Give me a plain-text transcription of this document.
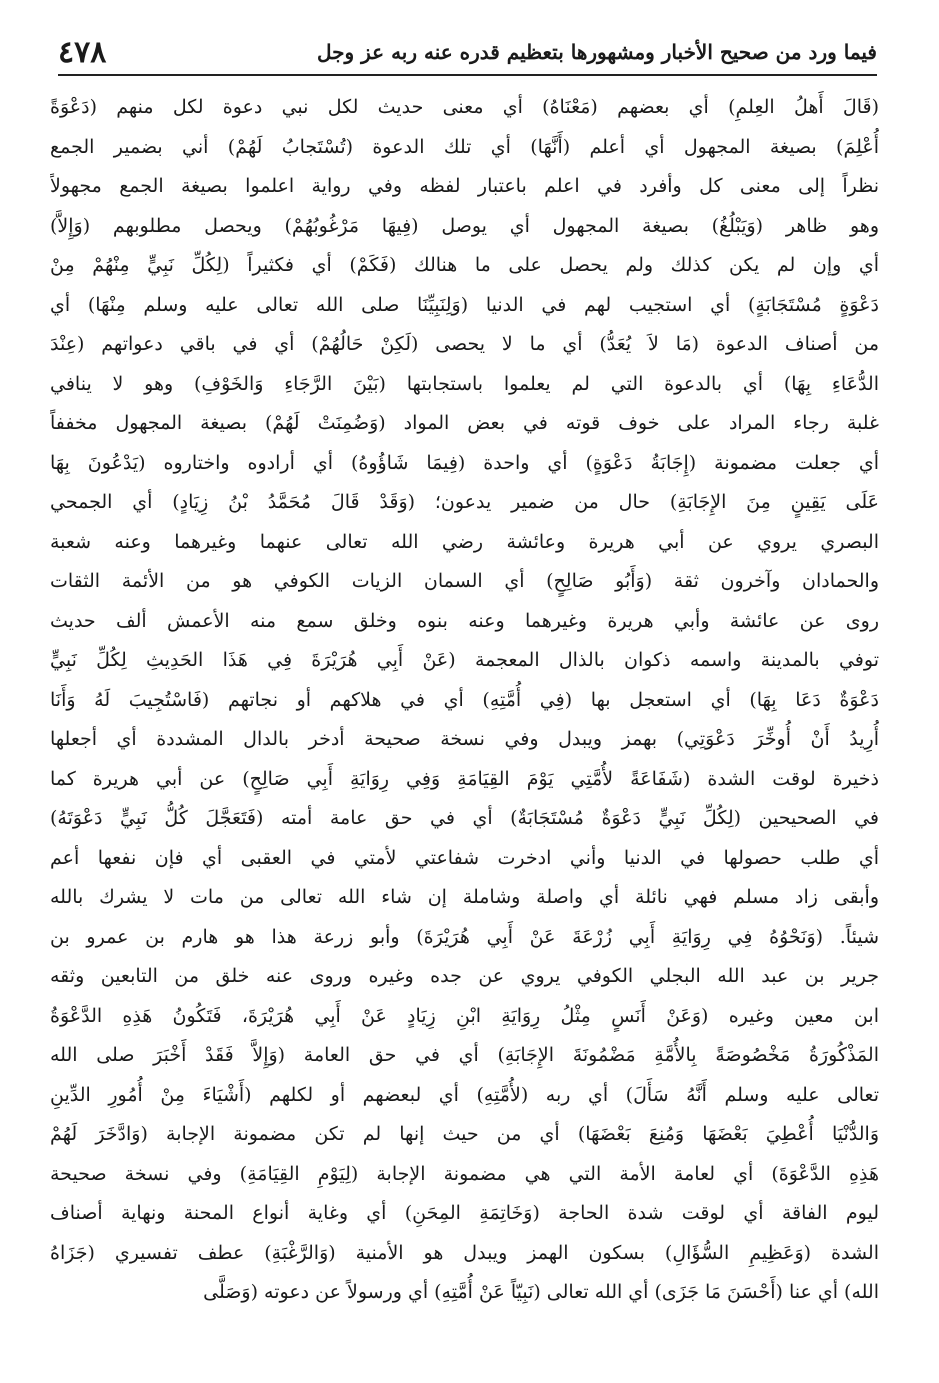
فيما ورد من صحيح الأخبار ومشهورها بتعظيم قدره عنه ربه عز وجل
٤٧٨
(قَالَ أَهلُ العِلمِ) أي بعضهم (مَعْنَاهُ) أي معنى حديث لكل نبي دعوة لكل منهم (دَعْوَةً
أُعْلِمَ) بصيغة المجهول أي أعلم (أَنَّهَا) أي تلك الدعوة (تُسْتَجابُ لَهُمْ) أني بضمير الجمع
نظراً إلى معنى كل وأفرد في اعلم باعتبار لفظه وفي رواية اعلموا بصيغة الجمع مجهولاً
وهو ظاهر (وَيَبْلُغُ) بصيغة المجهول أي يوصل (فِيهَا مَرْغُوبُهُمْ) ويحصل مطلوبهم (وَإِلاَّ)
أي وإن لم يكن كذلك ولم يحصل على ما هنالك (فَكَمْ) أي فكثيراً (لِكُلِّ نَبِيٍّ مِنْهُمْ مِنْ
دَعْوَةٍ مُسْتَجَابَةٍ) أي استجيب لهم في الدنيا (وَلِنَبِيِّنَا صلى الله تعالى عليه وسلم مِنْهَا) أي
من أصناف الدعوة (مَا لاَ يُعَدُّ) أي ما لا يحصى (لَكِنْ حَالُهُمْ) أي في باقي دعواتهم (عِنْدَ
الدُّعَاءِ بِهَا) أي بالدعوة التي لم يعلموا باستجابتها (بَيْنَ الرَّجَاءِ وَالخَوْفِ) وهو لا ينافي
غلبة رجاء المراد على خوف قوته في بعض المواد (وَضُمِنَتْ لَهُمْ) بصيغة المجهول مخففاً
أي جعلت مضمونة (إِجَابَةُ دَعْوَةٍ) أي واحدة (فِيمَا شَاؤُوهُ) أي أرادوه واختاروه (يَدْعُونَ بِهَا
عَلَى يَقِينٍ مِنَ الإِجَابَةِ) حال من ضمير يدعون؛ (وَقَدْ قَالَ مُحَمَّدُ بْنُ زِيَادٍ) أي الجمحي
البصري يروي عن أبي هريرة وعائشة رضي الله تعالى عنهما وغيرهما وعنه شعبة
والحمادان وآخرون ثقة (وَأَبُو صَالِحٍ) أي السمان الزيات الكوفي هو من الأئمة الثقات
روى عن عائشة وأبي هريرة وغيرهما وعنه بنوه وخلق سمع منه الأعمش ألف حديث
توفي بالمدينة واسمه ذكوان بالذال المعجمة (عَنْ أَبِي هُرَيْرَةَ فِي هَذَا الحَدِيثِ لِكُلِّ نَبِيٍّ
دَعْوَةٌ دَعَا بِهَا) أي استعجل بها (فِي أُمَّتِهِ) أي في هلاكهم أو نجاتهم (فَاسْتُجِيبَ لَهُ وَأَنَا
أُرِيدُ أَنْ أُوخِّرَ دَعْوَتِي) بهمز ويبدل وفي نسخة صحيحة أدخر بالدال المشددة أي أجعلها
ذخيرة لوقت الشدة (شَفَاعَةً لأُمَّتِي يَوْمَ القِيَامَةِ وَفِي رِوَايَةِ أَبِي صَالِحٍ) عن أبي هريرة كما
في الصحيحين (لِكُلِّ نَبِيٍّ دَعْوَةٌ مُسْتَجَابَةٌ) أي في حق عامة أمته (فَتَعَجَّلَ كُلُّ نَبِيٍّ دَعْوَتَهُ)
أي طلب حصولها في الدنيا وأني ادخرت شفاعتي لأمتي في العقبى أي فإن نفعها أعم
وأبقى زاد مسلم فهي نائلة أي واصلة وشاملة إن شاء الله تعالى من مات لا يشرك بالله
شيئاً. (وَنَحْوُهُ فِي رِوَايَةِ أَبِي زُرْعَةَ عَنْ أَبِي هُرَيْرَةَ) وأبو زرعة هذا هو هارم بن عمرو بن
جرير بن عبد الله البجلي الكوفي يروي عن جده وغيره وروى عنه خلق من التابعين وثقه
ابن معين وغيره (وَعَنْ أَنَسٍ مِثْلُ رِوَايَةِ ابْنِ زِيَادٍ عَنْ أَبِي هُرَيْرَةَ، فَتَكُونُ هَذِهِ الدَّعْوَةُ
المَذْكُورَةُ مَخْصُوصَةً بِالأُمَّةِ مَضْمُونَةَ الإِجَابَةِ) أي في حق العامة (وَإِلاَّ فَقَدْ أَخْبَرَ صلى الله
تعالى عليه وسلم أَنَّهُ سَأَلَ) أي ربه (لأُمَّتِهِ) أي لبعضهم أو لكلهم (أَشْيَاءَ مِنْ أُمُورِ الدِّينِ
وَالدُّنْيَا أُعْطِيَ بَعْضَهَا وَمُنِعَ بَعْضَهَا) أي من حيث إنها لم تكن مضمونة الإجابة (وَادَّخَرَ لَهُمْ
هَذِهِ الدَّعْوَةَ) أي لعامة الأمة التي هي مضمونة الإجابة (لِيَوْمِ القِيَامَةِ) وفي نسخة صحيحة
ليوم الفاقة أي لوقت شدة الحاجة (وَخَاتِمَةِ المِحَنِ) أي وغاية أنواع المحنة ونهاية أصناف
الشدة (وَعَظِيمِ السُّؤَالِ) بسكون الهمز ويبدل هو الأمنية (وَالرَّغْبَةِ) عطف تفسيري (جَزَاهُ
الله) أي عنا (أَحْسَنَ مَا جَزَى) أي الله تعالى (نَبِيّاً عَنْ أُمَّتِهِ) أي ورسولاً عن دعوته (وَصَلَّى
